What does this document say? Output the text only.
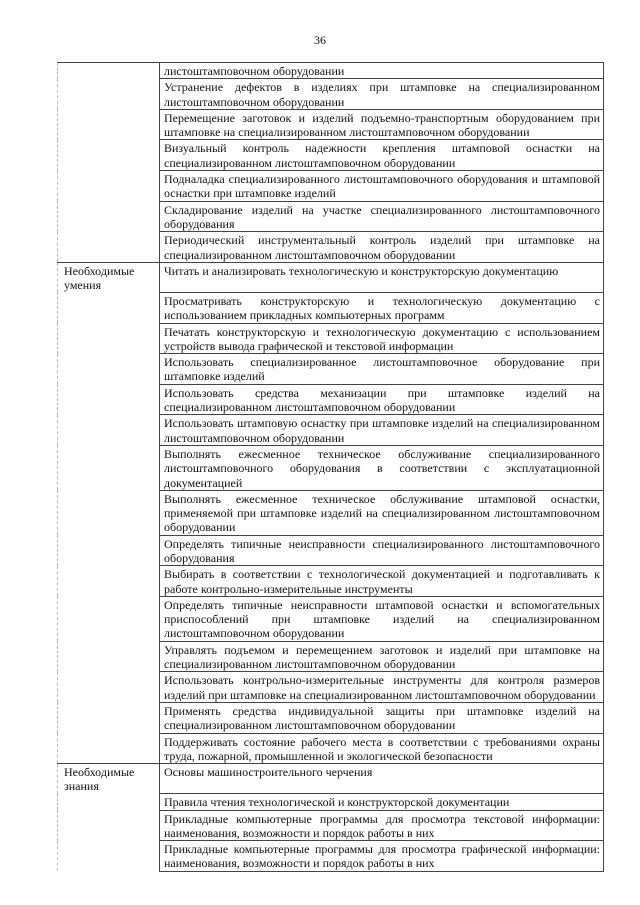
36
	листоштамповочном оборудовании
	Устранение дефектов в изделиях при штамповке на специализированном листоштамповочном оборудовании
	Перемещение заготовок и изделий подъемно-транспортным оборудованием при штамповке на специализированном листоштамповочном оборудовании
	Визуальный контроль надежности крепления штамповой оснастки на специализированном листоштамповочном оборудовании
	Подналадка специализированного листоштамповочного оборудования и штамповой оснастки при штамповке изделий
	Складирование изделий на участке специализированного листоштамповочного оборудования
	Периодический инструментальный контроль изделий при штамповке на специализированном листоштамповочном оборудовании
Необходимые умения	Читать и анализировать технологическую и конструкторскую документацию
	Просматривать конструкторскую и технологическую документацию с использованием прикладных компьютерных программ
	Печатать конструкторскую и технологическую документацию с использованием устройств вывода графической и текстовой информации
	Использовать специализированное листоштамповочное оборудование при штамповке изделий
	Использовать средства механизации при штамповке изделий на специализированном листоштамповочном оборудовании
	Использовать штамповую оснастку при штамповке изделий на специализированном листоштамповочном оборудовании
	Выполнять ежесменное техническое обслуживание специализированного листоштамповочного оборудования в соответствии с эксплуатационной документацией
	Выполнять ежесменное техническое обслуживание штамповой оснастки, применяемой при штамповке изделий на специализированном листоштамповочном оборудовании
	Определять типичные неисправности специализированного листоштамповочного оборудования
	Выбирать в соответствии с технологической документацией и подготавливать к работе контрольно-измерительные инструменты
	Определять типичные неисправности штамповой оснастки и вспомогательных приспособлений при штамповке изделий на специализированном листоштамповочном оборудовании
	Управлять подъемом и перемещением заготовок и изделий при штамповке на специализированном листоштамповочном оборудовании
	Использовать контрольно-измерительные инструменты для контроля размеров изделий при штамповке на специализированном листоштамповочном оборудовании
	Применять средства индивидуальной защиты при штамповке изделий на специализированном листоштамповочном оборудовании
	Поддерживать состояние рабочего места в соответствии с требованиями охраны труда, пожарной, промышленной и экологической безопасности
Необходимые знания	Основы машиностроительного черчения
	Правила чтения технологической и конструкторской документации
	Прикладные компьютерные программы для просмотра текстовой информации: наименования, возможности и порядок работы в них
	Прикладные компьютерные программы для просмотра графической информации: наименования, возможности и порядок работы в них
